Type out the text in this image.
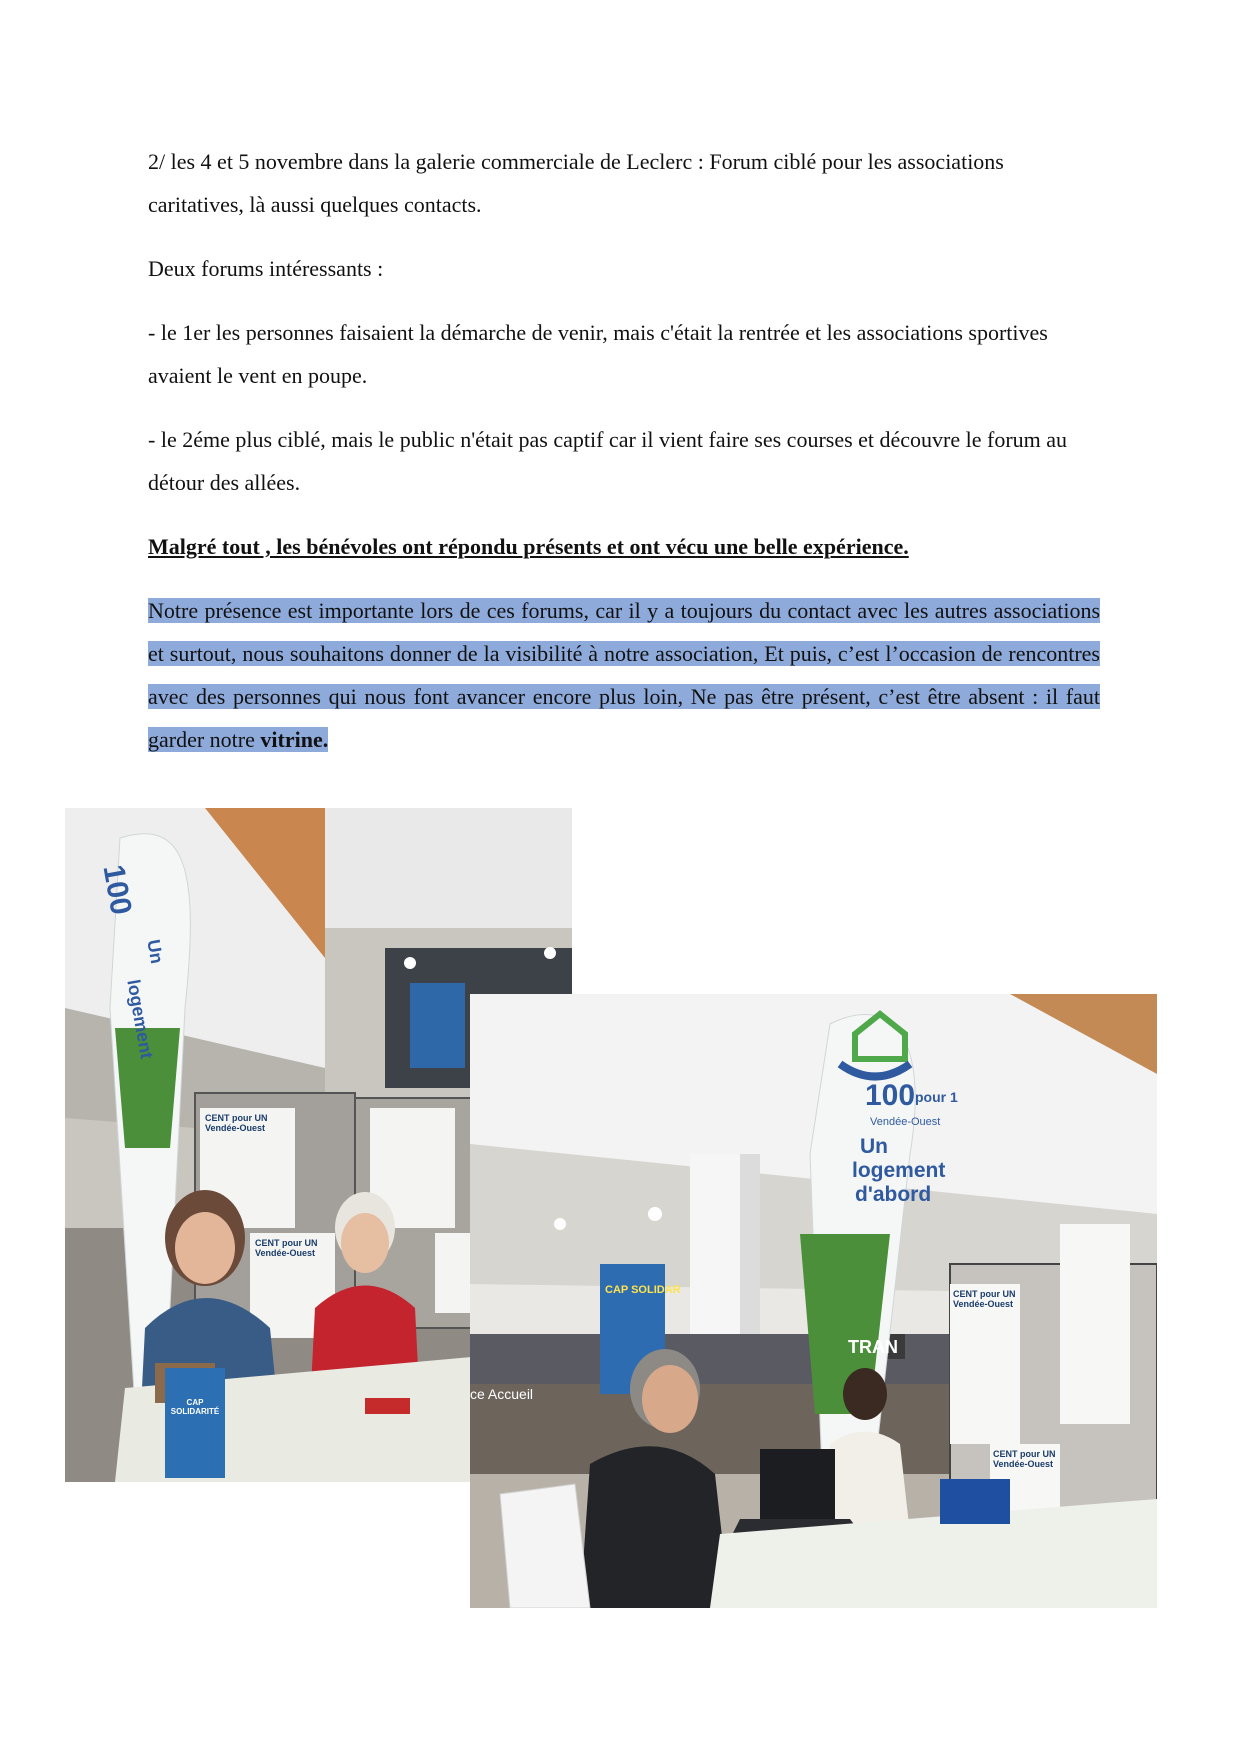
2/ les 4 et 5 novembre dans la galerie commerciale de Leclerc : Forum ciblé pour les associations caritatives, là aussi quelques contacts.

Deux forums intéressants :

- le 1er les personnes faisaient la démarche de venir, mais c'était la rentrée et les associations sportives avaient le vent en poupe.

- le 2éme plus ciblé, mais le public n'était pas captif car il vient faire ses courses et découvre le forum au détour des allées.

Malgré tout , les bénévoles ont répondu présents et ont vécu une belle expérience.

Notre présence est importante lors de ces forums, car il y a toujours du contact avec les autres associations et surtout, nous souhaitons donner de la visibilité à notre association, Et puis, c’est l’occasion de rencontres avec des personnes qui nous font avancer encore plus loin, Ne pas être présent, c’est être absent : il faut garder notre vitrine.

100
Un
logement
CENT pour UN Vendée-Ouest
CENT pour UN Vendée-Ouest
CAP SOLIDARITÉ
100 pour 1
Vendée-Ouest
Un
logement
d'abord
ce Accueil
CAP SOLIDAR
TRAN
CENT pour UN Vendée-Ouest
CENT pour UN Vendée-Ouest
